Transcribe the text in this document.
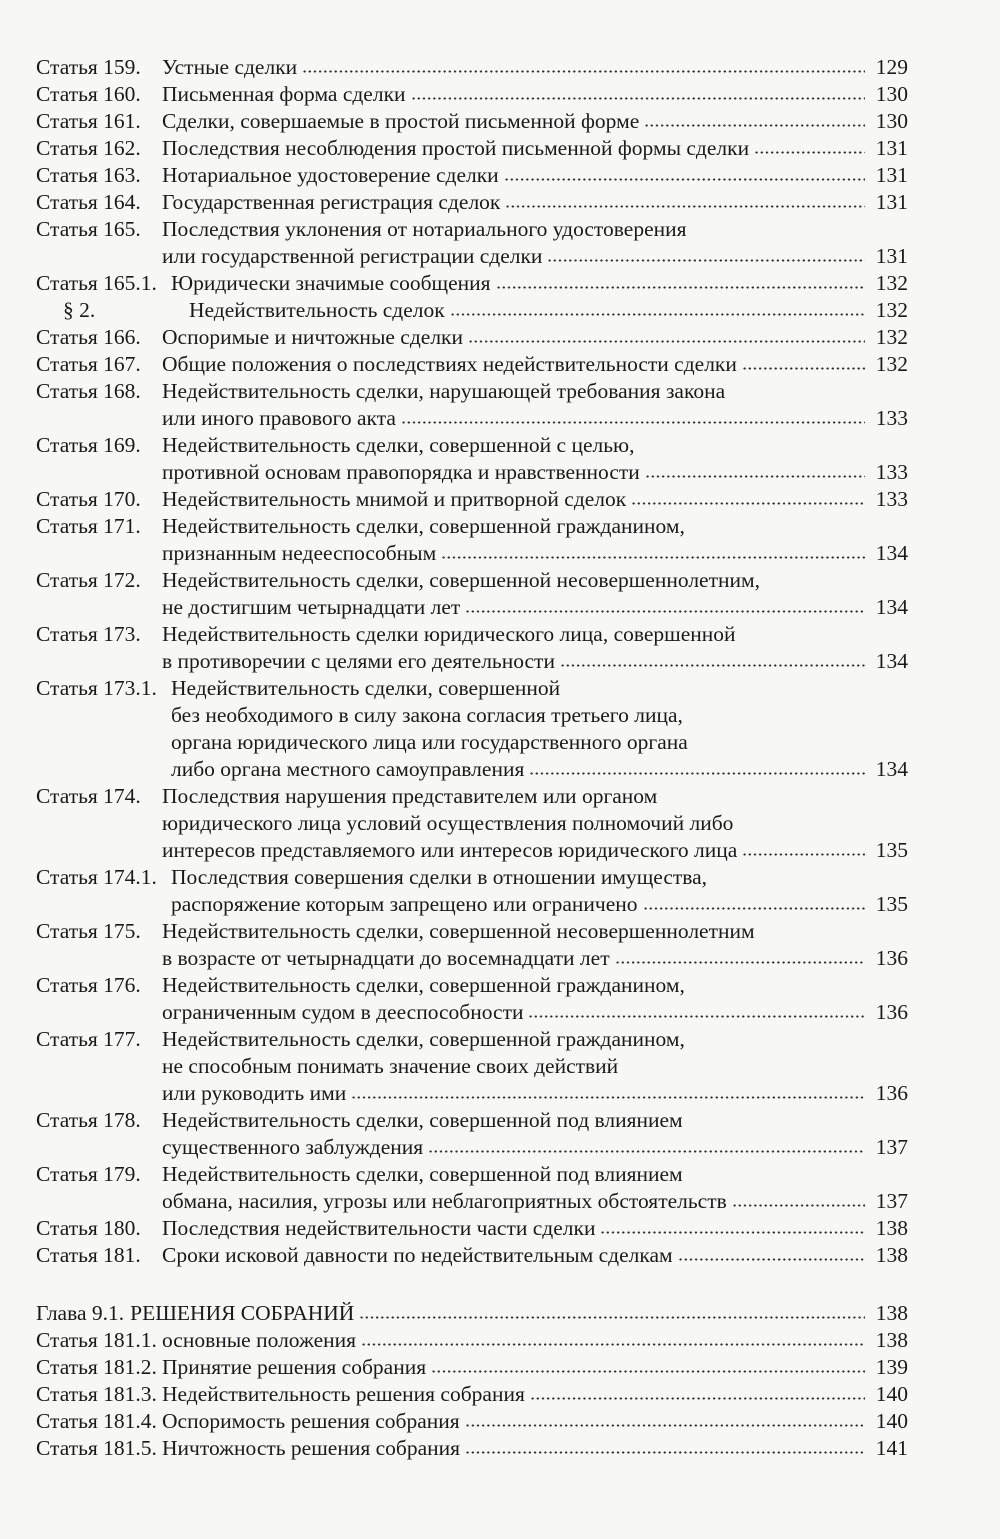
Статья 159. Устные сделки	129
Статья 160. Письменная форма сделки	130
Статья 161. Сделки, совершаемые в простой письменной форме	130
Статья 162. Последствия несоблюдения простой письменной формы сделки	131
Статья 163. Нотариальное удостоверение сделки	131
Статья 164. Государственная регистрация сделок	131
Статья 165. Последствия уклонения от нотариального удостоверения
или государственной регистрации сделки	131
Статья 165.1. Юридически значимые сообщения	132
§ 2.	Недействительность сделок	132
Статья 166. Оспоримые и ничтожные сделки	132
Статья 167. Общие положения о последствиях недействительности сделки	132
Статья 168. Недействительность сделки, нарушающей требования закона
или иного правового акта	133
Статья 169. Недействительность сделки, совершенной с целью,
противной основам правопорядка и нравственности	133
Статья 170. Недействительность мнимой и притворной сделок	133
Статья 171. Недействительность сделки, совершенной гражданином,
признанным недееспособным	134
Статья 172. Недействительность сделки, совершенной несовершеннолетним,
не достигшим четырнадцати лет	134
Статья 173. Недействительность сделки юридического лица, совершенной
в противоречии с целями его деятельности	134
Статья 173.1. Недействительность сделки, совершенной
без необходимого в силу закона согласия третьего лица,
органа юридического лица или государственного органа
либо органа местного самоуправления	134
Статья 174. Последствия нарушения представителем или органом
юридического лица условий осуществления полномочий либо
интересов представляемого или интересов юридического лица	135
Статья 174.1. Последствия совершения сделки в отношении имущества,
распоряжение которым запрещено или ограничено	135
Статья 175. Недействительность сделки, совершенной несовершеннолетним
в возрасте от четырнадцати до восемнадцати лет	136
Статья 176. Недействительность сделки, совершенной гражданином,
ограниченным судом в дееспособности	136
Статья 177. Недействительность сделки, совершенной гражданином,
не способным понимать значение своих действий
или руководить ими	136
Статья 178. Недействительность сделки, совершенной под влиянием
существенного заблуждения	137
Статья 179. Недействительность сделки, совершенной под влиянием
обмана, насилия, угрозы или неблагоприятных обстоятельств	137
Статья 180. Последствия недействительности части сделки	138
Статья 181. Сроки исковой давности по недействительным сделкам	138
Глава 9.1. РЕШЕНИЯ СОБРАНИЙ	138
Статья 181.1. основные положения	138
Статья 181.2. Принятие решения собрания	139
Статья 181.3. Недействительность решения собрания	140
Статья 181.4. Оспоримость решения собрания	140
Статья 181.5. Ничтожность решения собрания	141
